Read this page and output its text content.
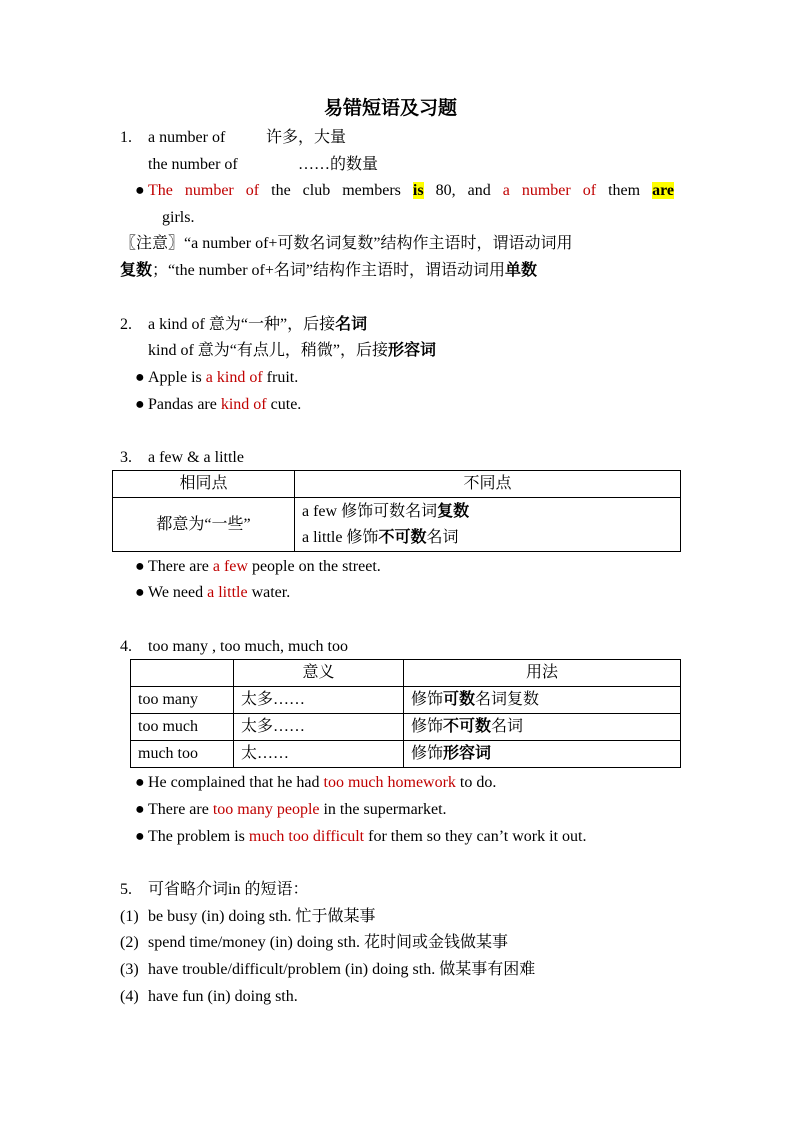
易错短语及习题
1. a number of	许多，大量
the number of	……的数量
● The number of the club members is 80, and a number of them are
girls.
〖注意〗“a number of+可数名词复数”结构作主语时，谓语动词用
复数；“the number of+名词”结构作主语时，谓语动词用单数
2. a kind of 意为“一种”，后接名词
kind of 意为“有点儿，稍微”，后接形容词
● Apple is a kind of fruit.
● Pandas are kind of cute.
3. a few & a little
相同点	不同点
都意为“一些”	a few 修饰可数名词复数
a little 修饰不可数名词
● There are a few people on the street.
● We need a little water.
4. too many , too much, much too
	意义	用法
too many	太多……	修饰可数名词复数
too much	太多……	修饰不可数名词
much too	太……	修饰形容词
● He complained that he had too much homework to do.
● There are too many people in the supermarket.
● The problem is much too difficult for them so they can’t work it out.
5. 可省略介词in 的短语：
(1) be busy (in) doing sth. 忙于做某事
(2) spend time/money (in) doing sth. 花时间或金钱做某事
(3) have trouble/difficult/problem (in) doing sth. 做某事有困难
(4) have fun (in) doing sth.
